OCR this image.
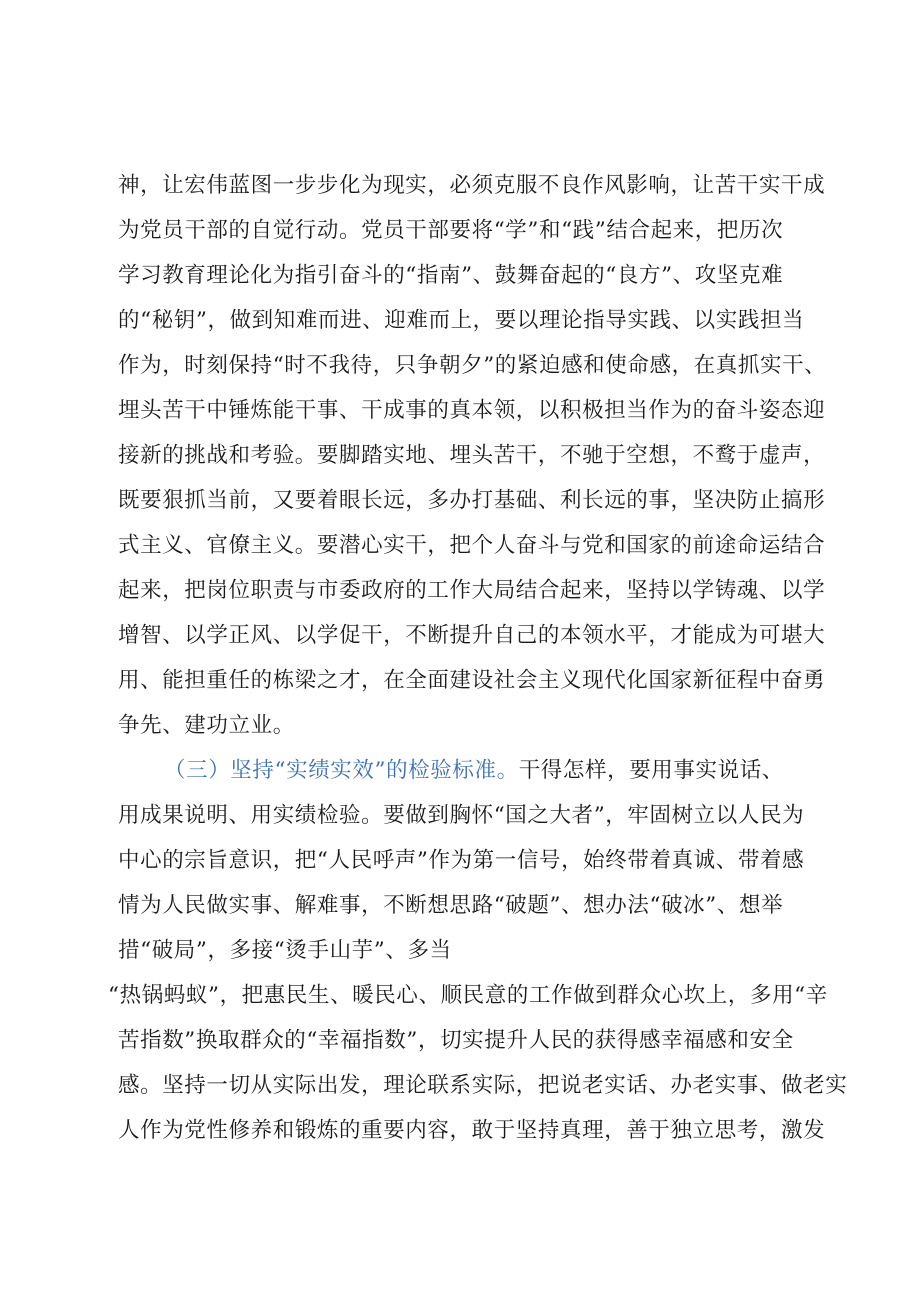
神，让宏伟蓝图一步步化为现实，必须克服不良作风影响，让苦干实干成
为党员干部的自觉行动。党员干部要将“学”和“践”结合起来，把历次
学习教育理论化为指引奋斗的“指南”、鼓舞奋起的“良方”、攻坚克难
的“秘钥”，做到知难而进、迎难而上，要以理论指导实践、以实践担当
作为，时刻保持“时不我待，只争朝夕”的紧迫感和使命感，在真抓实干、
埋头苦干中锤炼能干事、干成事的真本领，以积极担当作为的奋斗姿态迎
接新的挑战和考验。要脚踏实地、埋头苦干，不驰于空想，不鹜于虚声，
既要狠抓当前，又要着眼长远，多办打基础、利长远的事，坚决防止搞形
式主义、官僚主义。要潜心实干，把个人奋斗与党和国家的前途命运结合
起来，把岗位职责与市委政府的工作大局结合起来，坚持以学铸魂、以学
增智、以学正风、以学促干，不断提升自己的本领水平，才能成为可堪大
用、能担重任的栋梁之才，在全面建设社会主义现代化国家新征程中奋勇
争先、建功立业。
（三）坚持“实绩实效”的检验标准。干得怎样，要用事实说话、
用成果说明、用实绩检验。要做到胸怀“国之大者”，牢固树立以人民为
中心的宗旨意识，把“人民呼声”作为第一信号，始终带着真诚、带着感
情为人民做实事、解难事，不断想思路“破题”、想办法“破冰”、想举
措“破局”，多接“烫手山芋”、多当
“热锅蚂蚁”，把惠民生、暖民心、顺民意的工作做到群众心坎上，多用“辛
苦指数”换取群众的“幸福指数”，切实提升人民的获得感幸福感和安全
感。坚持一切从实际出发，理论联系实际，把说老实话、办老实事、做老实
人作为党性修养和锻炼的重要内容，敢于坚持真理，善于独立思考，激发
